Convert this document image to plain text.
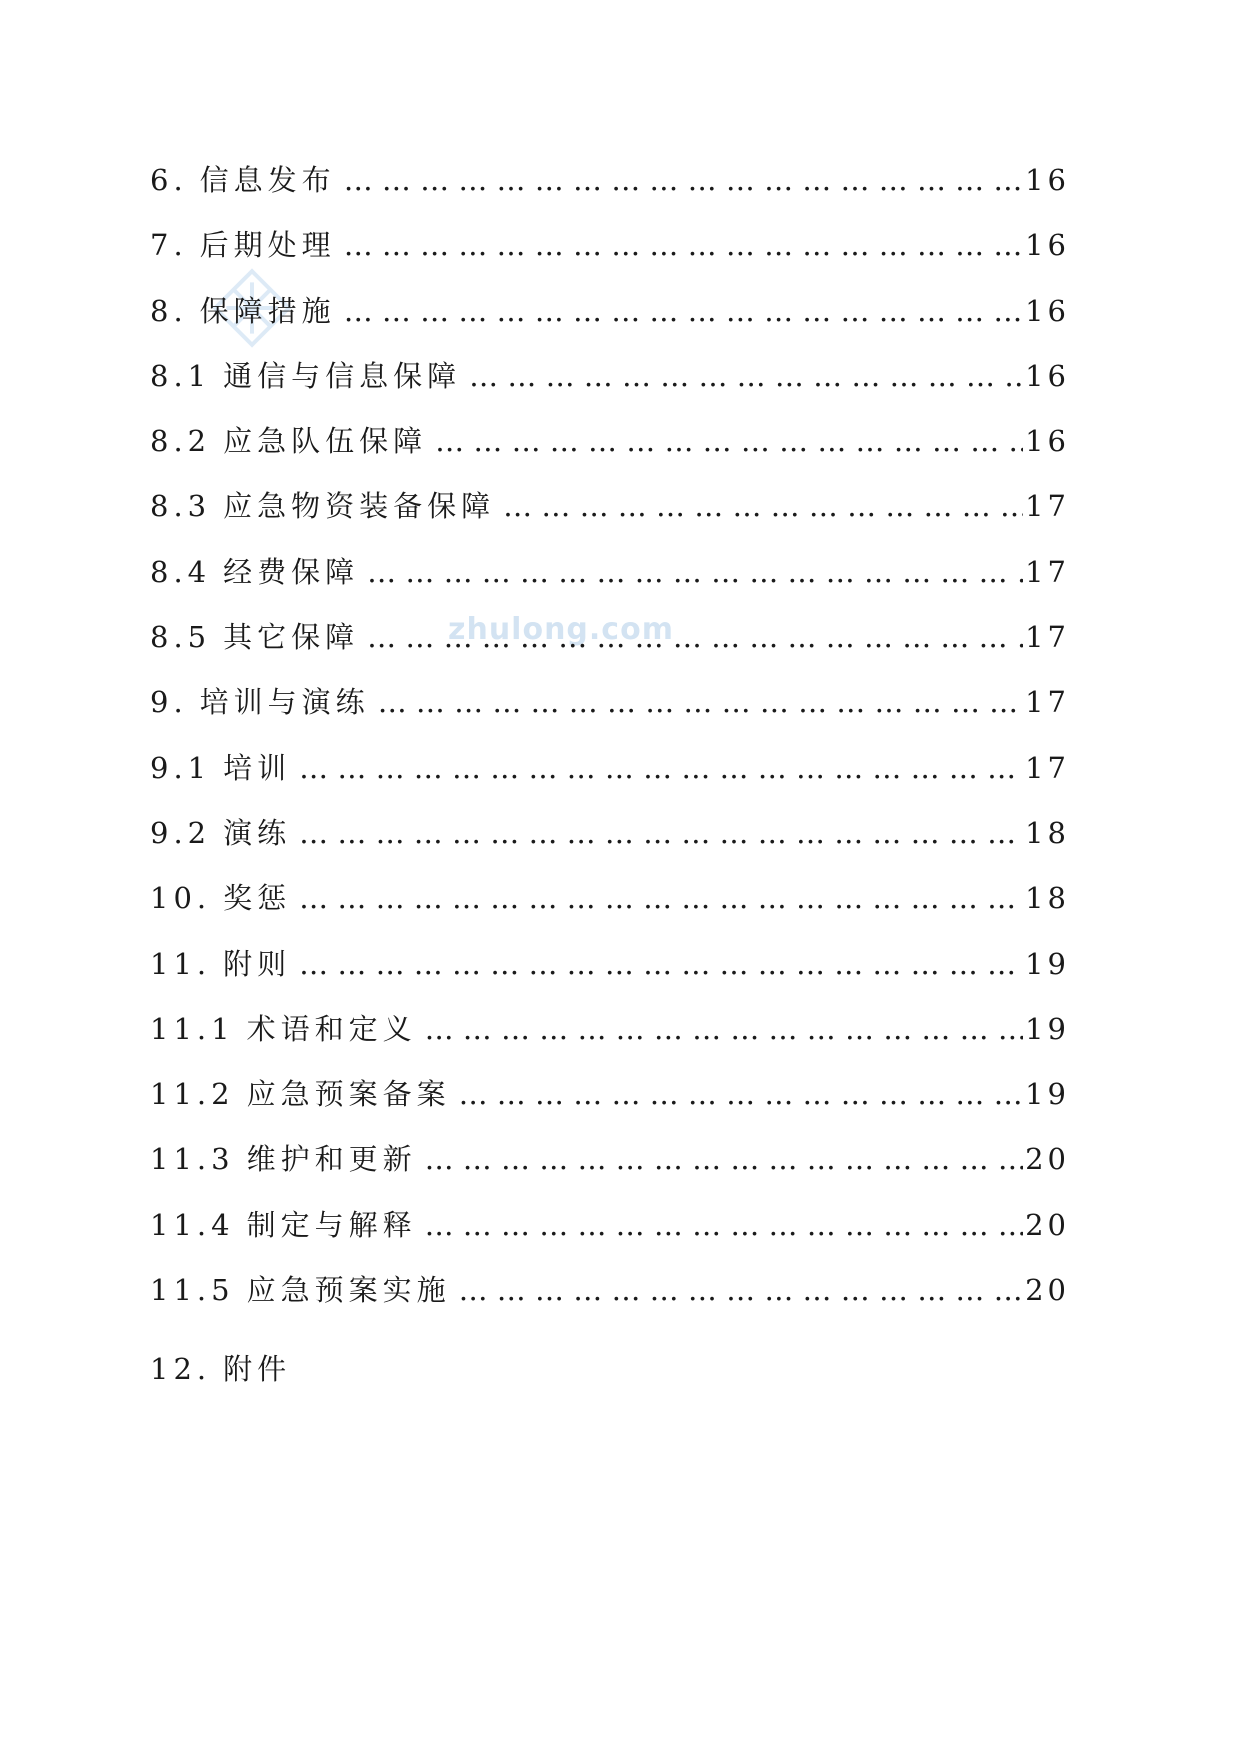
zhulong.com
6. 信息发布 … … … … … … … … … … … … … … … … … … … … … … … … … … … … … … … … … … … … … … … … … … … … … … … …	16
7. 后期处理 … … … … … … … … … … … … … … … … … … … … … … … … … … … … … … … … … … … … … … … … … … … … … … … …	16
8. 保障措施 … … … … … … … … … … … … … … … … … … … … … … … … … … … … … … … … … … … … … … … … … … … … … … … …	16
8.1 通信与信息保障 … … … … … … … … … … … … … … … … … … … … … … … … … … … … … … … … … … … … … … … … … … … … … … … …	16
8.2 应急队伍保障 … … … … … … … … … … … … … … … … … … … … … … … … … … … … … … … … … … … … … … … … … … … … … … … …	16
8.3 应急物资装备保障 … … … … … … … … … … … … … … … … … … … … … … … … … … … … … … … … … … … … … … … … … … … … … … … …	17
8.4 经费保障 … … … … … … … … … … … … … … … … … … … … … … … … … … … … … … … … … … … … … … … … … … … … … … … …	17
8.5 其它保障 … … … … … … … … … … … … … … … … … … … … … … … … … … … … … … … … … … … … … … … … … … … … … … … …	17
9. 培训与演练 … … … … … … … … … … … … … … … … … … … … … … … … … … … … … … … … … … … … … … … … … … … … … … … …	17
9.1 培训 … … … … … … … … … … … … … … … … … … … … … … … … … … … … … … … … … … … … … … … … … … … … … … … …	17
9.2 演练 … … … … … … … … … … … … … … … … … … … … … … … … … … … … … … … … … … … … … … … … … … … … … … … …	18
10. 奖惩 … … … … … … … … … … … … … … … … … … … … … … … … … … … … … … … … … … … … … … … … … … … … … … … …	18
11. 附则 … … … … … … … … … … … … … … … … … … … … … … … … … … … … … … … … … … … … … … … … … … … … … … … …	19
11.1 术语和定义 … … … … … … … … … … … … … … … … … … … … … … … … … … … … … … … … … … … … … … … … … … … … … … … …	19
11.2 应急预案备案 … … … … … … … … … … … … … … … … … … … … … … … … … … … … … … … … … … … … … … … … … … … … … … … …	19
11.3 维护和更新 … … … … … … … … … … … … … … … … … … … … … … … … … … … … … … … … … … … … … … … … … … … … … … … …	20
11.4 制定与解释 … … … … … … … … … … … … … … … … … … … … … … … … … … … … … … … … … … … … … … … … … … … … … … … …	20
11.5 应急预案实施 … … … … … … … … … … … … … … … … … … … … … … … … … … … … … … … … … … … … … … … … … … … … … … … …	20
12. 附件
